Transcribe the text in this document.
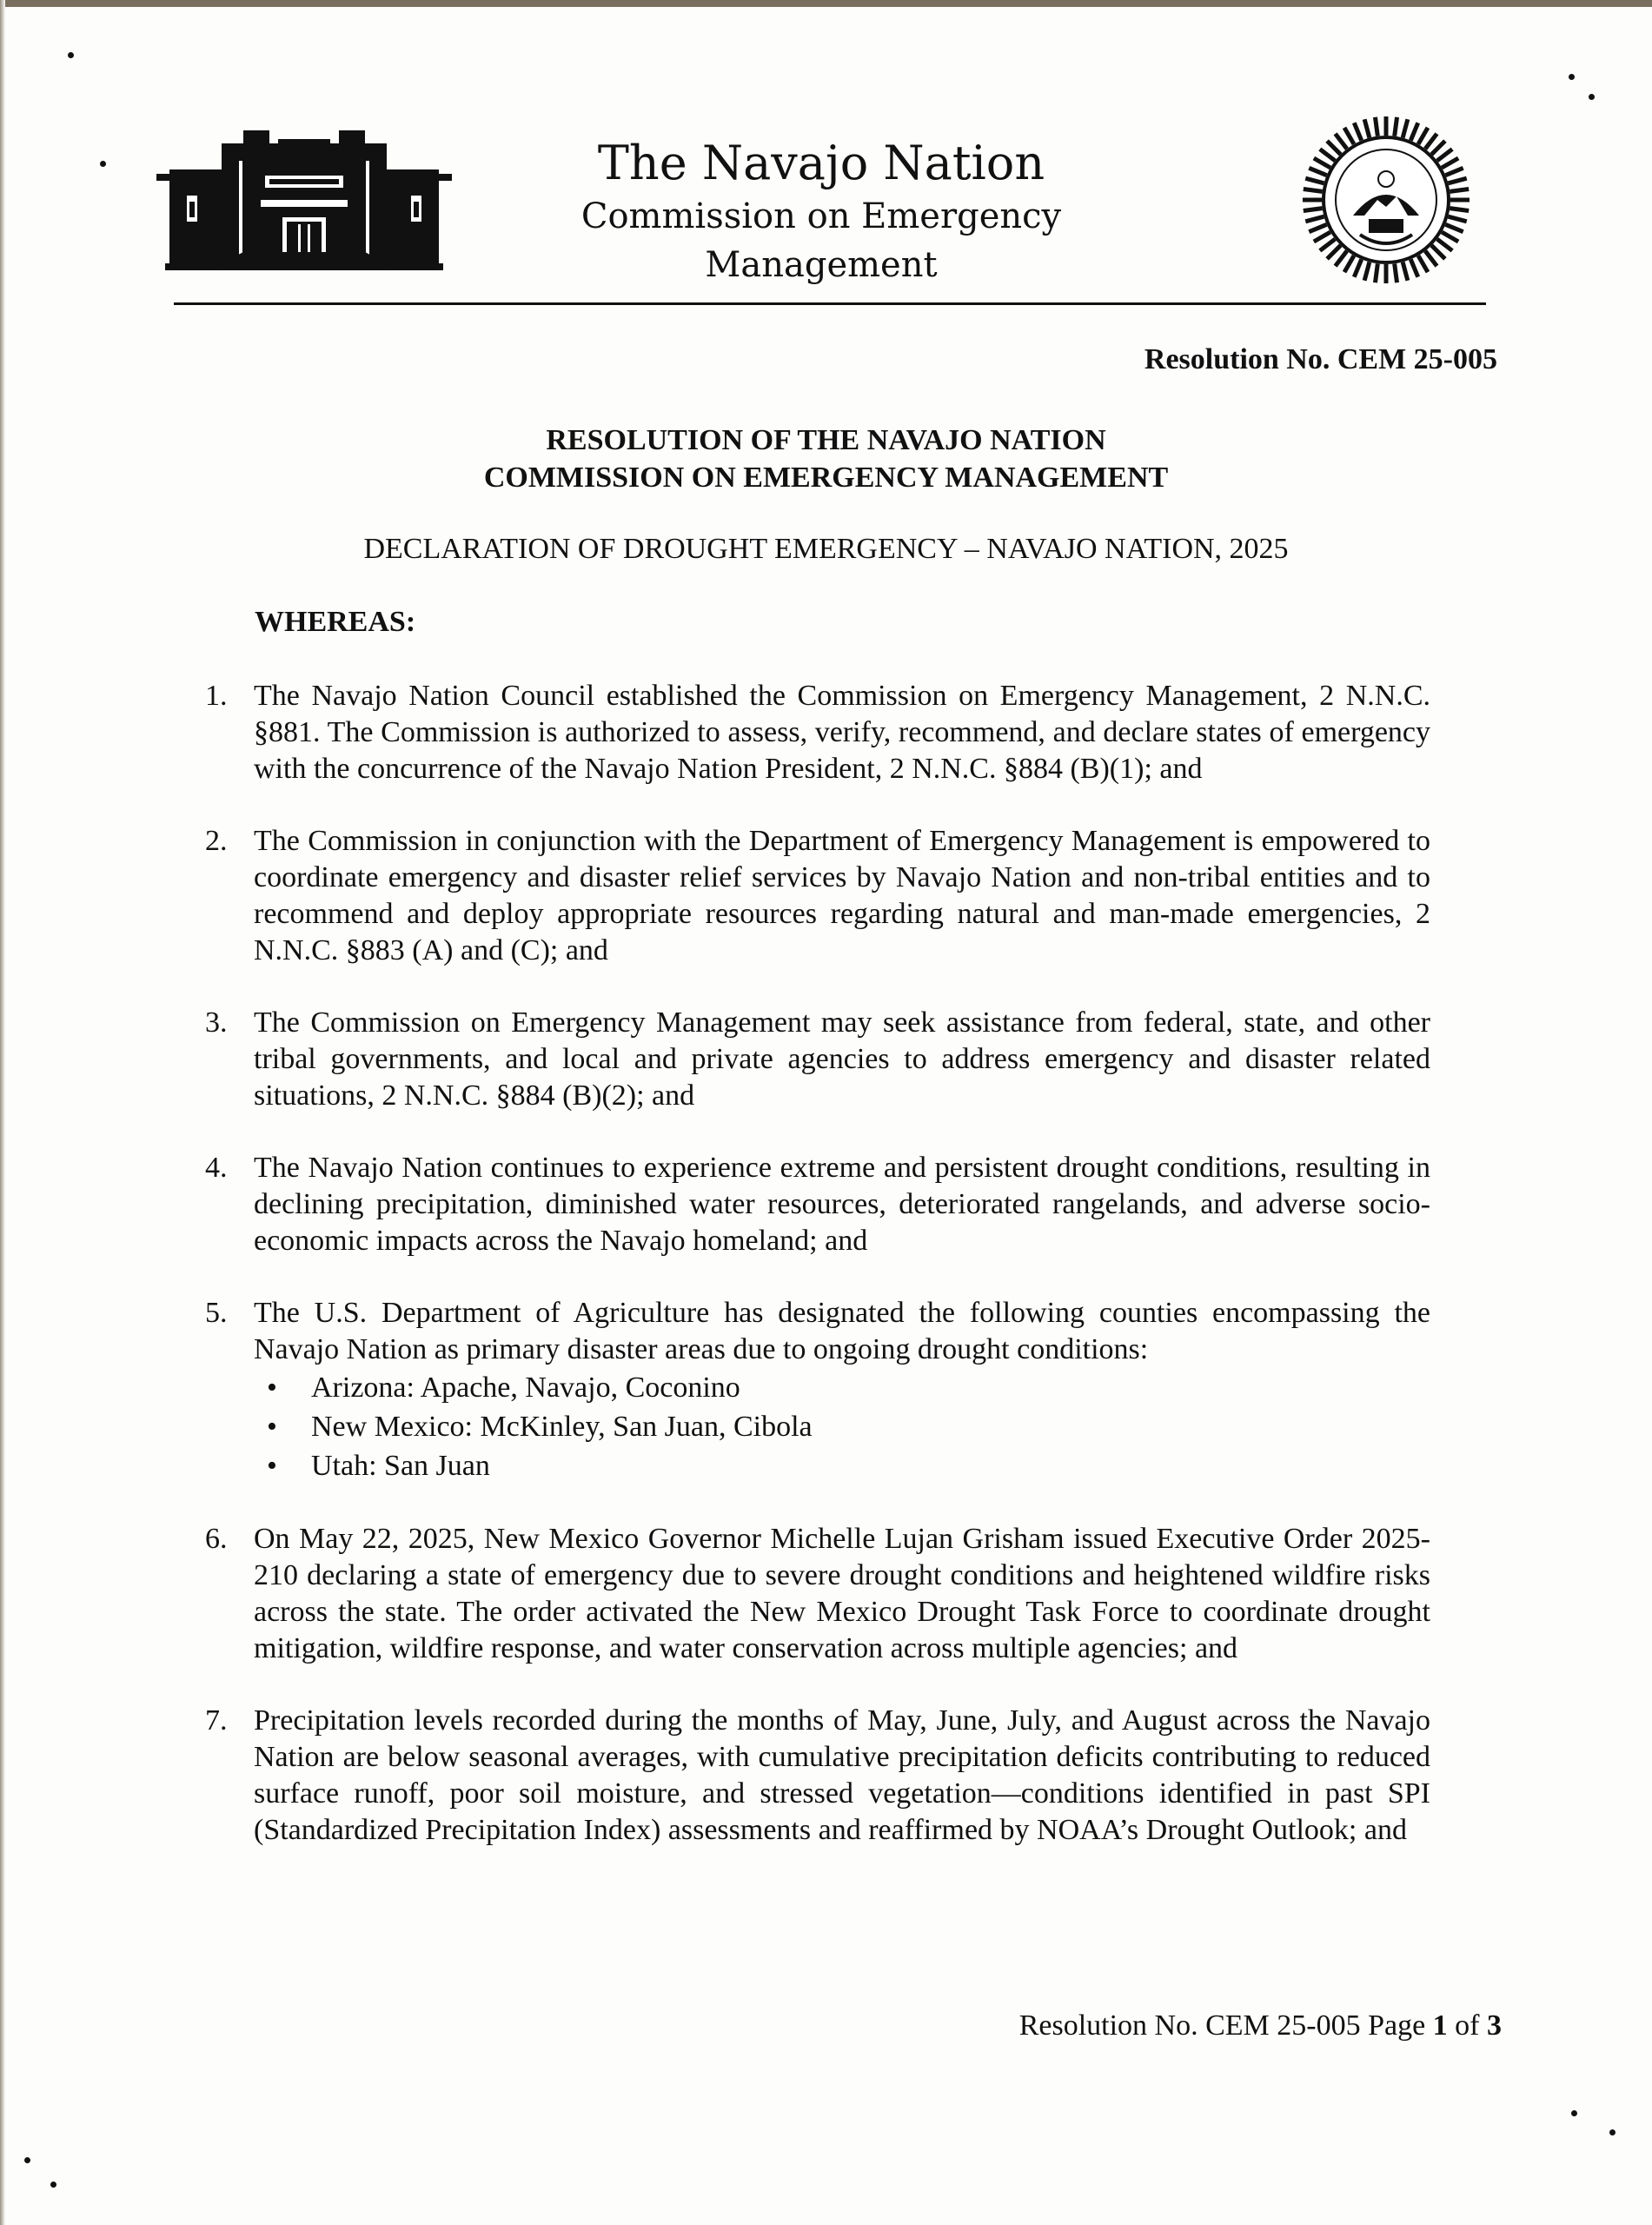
The Navajo Nation
Commission on Emergency Management
Resolution No. CEM 25-005
RESOLUTION OF THE NAVAJO NATION
COMMISSION ON EMERGENCY MANAGEMENT
DECLARATION OF DROUGHT EMERGENCY – NAVAJO NATION, 2025
WHEREAS:
1. The Navajo Nation Council established the Commission on Emergency Management, 2 N.N.C. §881. The Commission is authorized to assess, verify, recommend, and declare states of emergency with the concurrence of the Navajo Nation President, 2 N.N.C. §884 (B)(1); and

2. The Commission in conjunction with the Department of Emergency Management is empowered to coordinate emergency and disaster relief services by Navajo Nation and non-tribal entities and to recommend and deploy appropriate resources regarding natural and man-made emergencies, 2 N.N.C. §883 (A) and (C); and

3. The Commission on Emergency Management may seek assistance from federal, state, and other tribal governments, and local and private agencies to address emergency and disaster related situations, 2 N.N.C. §884 (B)(2); and

4. The Navajo Nation continues to experience extreme and persistent drought conditions, resulting in declining precipitation, diminished water resources, deteriorated rangelands, and adverse socio-economic impacts across the Navajo homeland; and

5. The U.S. Department of Agriculture has designated the following counties encompassing the Navajo Nation as primary disaster areas due to ongoing drought conditions:

• Arizona: Apache, Navajo, Coconino
• New Mexico: McKinley, San Juan, Cibola
• Utah: San Juan
6. On May 22, 2025, New Mexico Governor Michelle Lujan Grisham issued Executive Order 2025-210 declaring a state of emergency due to severe drought conditions and heightened wildfire risks across the state. The order activated the New Mexico Drought Task Force to coordinate drought mitigation, wildfire response, and water conservation across multiple agencies; and

7. Precipitation levels recorded during the months of May, June, July, and August across the Navajo Nation are below seasonal averages, with cumulative precipitation deficits contributing to reduced surface runoff, poor soil moisture, and stressed vegetation—conditions identified in past SPI (Standardized Precipitation Index) assessments and reaffirmed by NOAA’s Drought Outlook; and

Resolution No. CEM 25-005 Page 1 of 3
